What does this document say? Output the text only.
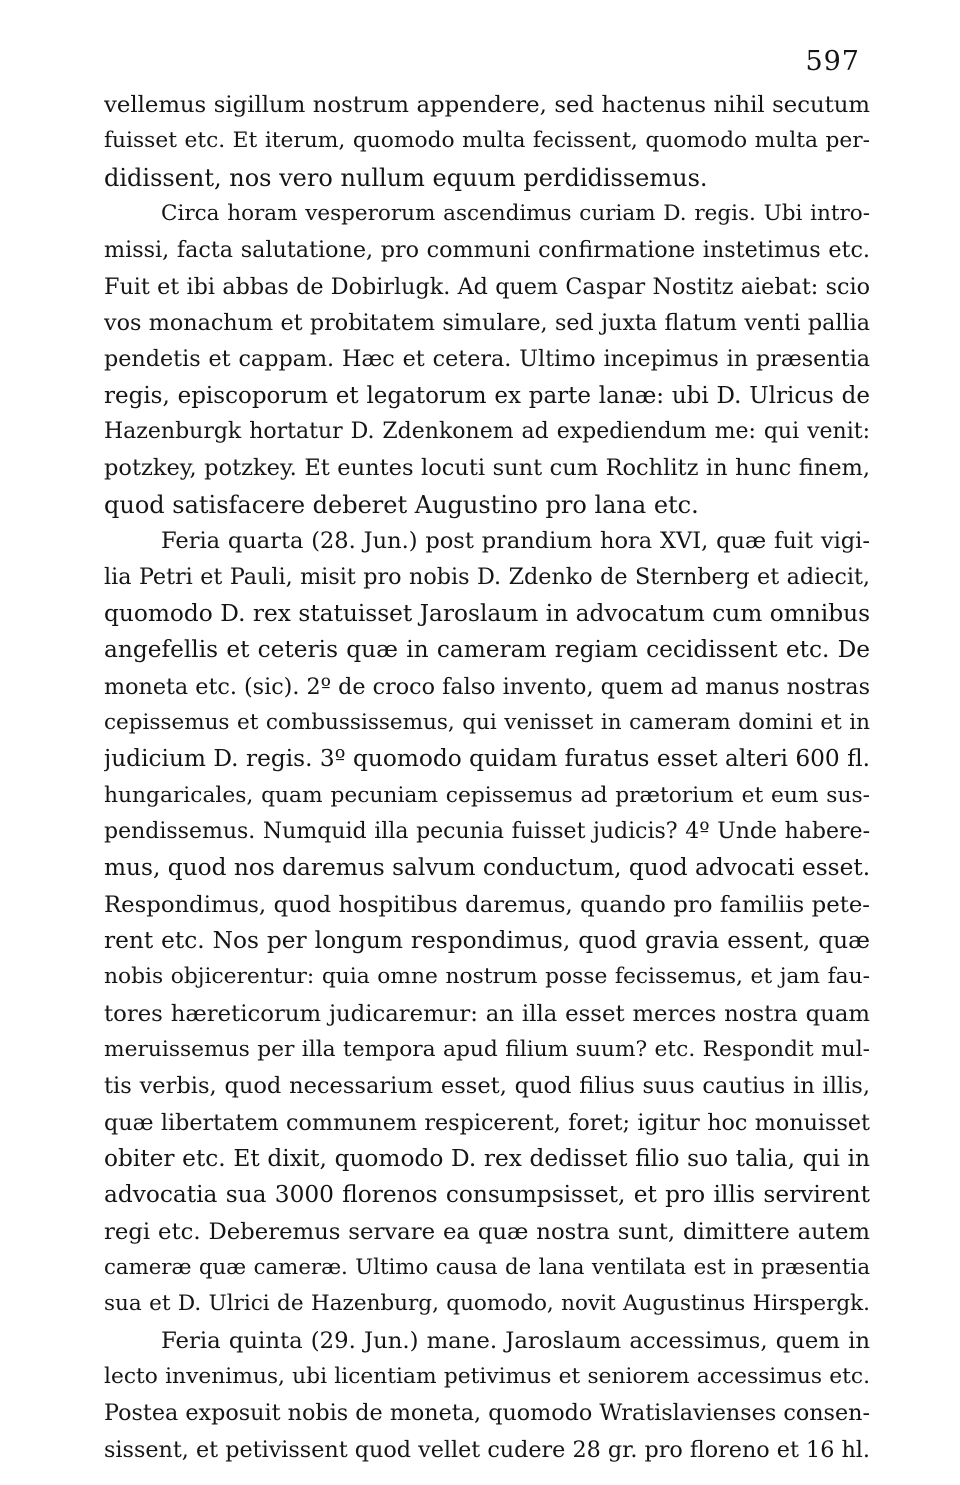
597
vellemus sigillum nostrum appendere, sed hactenus nihil secutum
fuisset etc. Et iterum, quomodo multa fecissent, quomodo multa per-
didissent, nos vero nullum equum perdidissemus.
Circa horam vesperorum ascendimus curiam D. regis. Ubi intro-
missi, facta salutatione, pro communi confirmatione instetimus etc.
Fuit et ibi abbas de Dobirlugk. Ad quem Caspar Nostitz aiebat: scio
vos monachum et probitatem simulare, sed juxta flatum venti pallia
pendetis et cappam. Hæc et cetera. Ultimo incepimus in præsentia
regis, episcoporum et legatorum ex parte lanæ: ubi D. Ulricus de
Hazenburgk hortatur D. Zdenkonem ad expediendum me: qui venit:
potzkey, potzkey. Et euntes locuti sunt cum Rochlitz in hunc finem,
quod satisfacere deberet Augustino pro lana etc.
Feria quarta (28. Jun.) post prandium hora XVI, quæ fuit vigi-
lia Petri et Pauli, misit pro nobis D. Zdenko de Sternberg et adiecit,
quomodo D. rex statuisset Jaroslaum in advocatum cum omnibus
angefellis et ceteris quæ in cameram regiam cecidissent etc. De
moneta etc. (sic). 2º de croco falso invento, quem ad manus nostras
cepissemus et combussissemus, qui venisset in cameram domini et in
judicium D. regis. 3º quomodo quidam furatus esset alteri 600 fl.
hungaricales, quam pecuniam cepissemus ad prætorium et eum sus-
pendissemus. Numquid illa pecunia fuisset judicis? 4º Unde habere-
mus, quod nos daremus salvum conductum, quod advocati esset.
Respondimus, quod hospitibus daremus, quando pro familiis pete-
rent etc. Nos per longum respondimus, quod gravia essent, quæ
nobis objicerentur: quia omne nostrum posse fecissemus, et jam fau-
tores hæreticorum judicaremur: an illa esset merces nostra quam
meruissemus per illa tempora apud filium suum? etc. Respondit mul-
tis verbis, quod necessarium esset, quod filius suus cautius in illis,
quæ libertatem communem respicerent, foret; igitur hoc monuisset
obiter etc. Et dixit, quomodo D. rex dedisset filio suo talia, qui in
advocatia sua 3000 florenos consumpsisset, et pro illis servirent
regi etc. Deberemus servare ea quæ nostra sunt, dimittere autem
cameræ quæ cameræ. Ultimo causa de lana ventilata est in præsentia
sua et D. Ulrici de Hazenburg, quomodo, novit Augustinus Hirspergk.
Feria quinta (29. Jun.) mane. Jaroslaum accessimus, quem in
lecto invenimus, ubi licentiam petivimus et seniorem accessimus etc.
Postea exposuit nobis de moneta, quomodo Wratislavienses consen-
sissent, et petivissent quod vellet cudere 28 gr. pro floreno et 16 hl.
